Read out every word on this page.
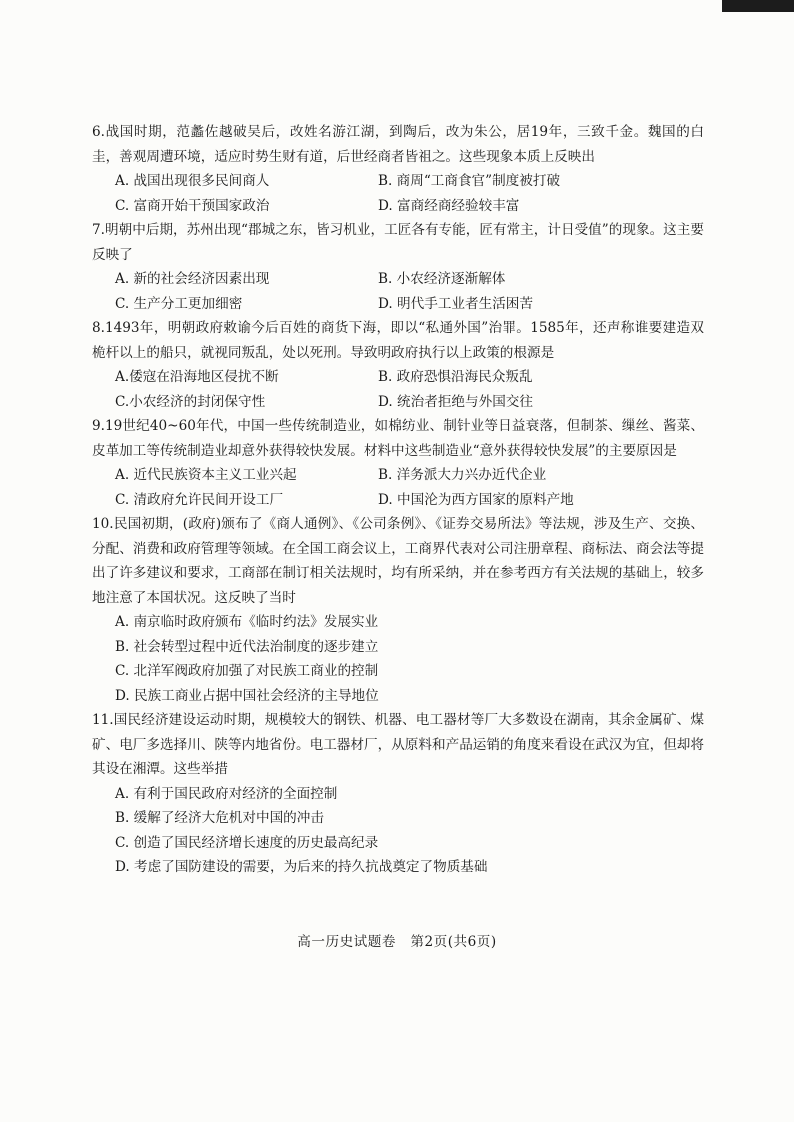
6.战国时期，范蠡佐越破吴后，改姓名游江湖，到陶后，改为朱公，居19年，三致千金。魏国的白圭，善观周遭环境，适应时势生财有道，后世经商者皆祖之。这些现象本质上反映出

A. 战国出现很多民间商人	B. 商周“工商食官”制度被打破
C. 富商开始干预国家政治	D. 富商经商经验较丰富

7.明朝中后期，苏州出现“郡城之东，皆习机业，工匠各有专能，匠有常主，计日受值”的现象。这主要反映了

A. 新的社会经济因素出现	B. 小农经济逐渐解体
C. 生产分工更加细密	D. 明代手工业者生活困苦

8.1493年，明朝政府敕谕今后百姓的商货下海，即以“私通外国”治罪。1585年，还声称谁要建造双桅杆以上的船只，就视同叛乱，处以死刑。导致明政府执行以上政策的根源是

A.倭寇在沿海地区侵扰不断	B. 政府恐惧沿海民众叛乱
C.小农经济的封闭保守性	D. 统治者拒绝与外国交往

9.19世纪40~60年代，中国一些传统制造业，如棉纺业、制针业等日益衰落，但制茶、缫丝、酱菜、皮革加工等传统制造业却意外获得较快发展。材料中这些制造业“意外获得较快发展”的主要原因是

A. 近代民族资本主义工业兴起	B. 洋务派大力兴办近代企业
C. 清政府允许民间开设工厂	D. 中国沦为西方国家的原料产地

10.民国初期，(政府)颁布了《商人通例》、《公司条例》、《证券交易所法》等法规，涉及生产、交换、分配、消费和政府管理等领域。在全国工商会议上，工商界代表对公司注册章程、商标法、商会法等提出了许多建议和要求，工商部在制订相关法规时，均有所采纳，并在参考西方有关法规的基础上，较多地注意了本国状况。这反映了当时

A. 南京临时政府颁布《临时约法》发展实业
B. 社会转型过程中近代法治制度的逐步建立
C. 北洋军阀政府加强了对民族工商业的控制
D. 民族工商业占据中国社会经济的主导地位

11.国民经济建设运动时期，规模较大的钢铁、机器、电工器材等厂大多数设在湖南，其余金属矿、煤矿、电厂多选择川、陕等内地省份。电工器材厂，从原料和产品运销的角度来看设在武汉为宜，但却将其设在湘潭。这些举措

A. 有利于国民政府对经济的全面控制
B. 缓解了经济大危机对中国的冲击
C. 创造了国民经济增长速度的历史最高纪录
D. 考虑了国防建设的需要，为后来的持久抗战奠定了物质基础
高一历史试题卷 第2页(共6页)
